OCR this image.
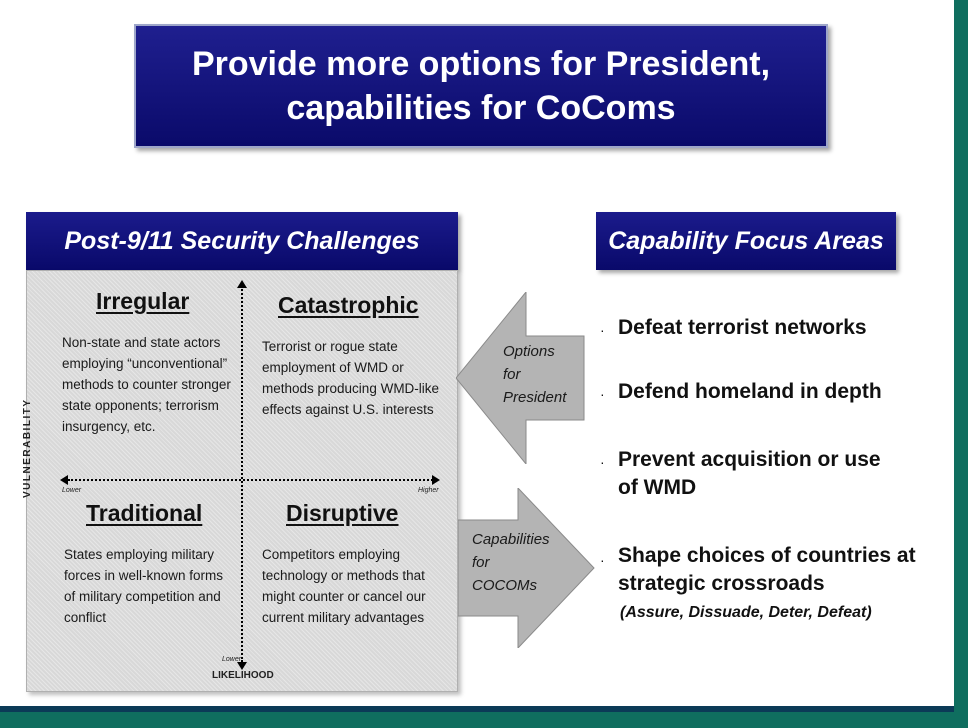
Provide more options for President,
capabilities for CoComs
Post-9/11 Security Challenges
Lower	Higher
Lower
VULNERABILITY
LIKELIHOOD
Irregular
Non-state and state actors
employing “unconventional”
methods to counter stronger
state opponents; terrorism
insurgency, etc.
Catastrophic
Terrorist or rogue state
employment of WMD or
methods producing WMD-like
effects against U.S. interests
Traditional
States employing military
forces in well-known forms
of military competition and
conflict
Disruptive
Competitors employing
technology or methods that
might counter or cancel our
current military advantages
Options
for
President
Capabilities
for
COCOMs
Capability Focus Areas
· Defeat terrorist networks
· Defend homeland in depth
· Prevent acquisition or use
of WMD
· Shape choices of countries at
strategic crossroads
(Assure, Dissuade, Deter, Defeat)
